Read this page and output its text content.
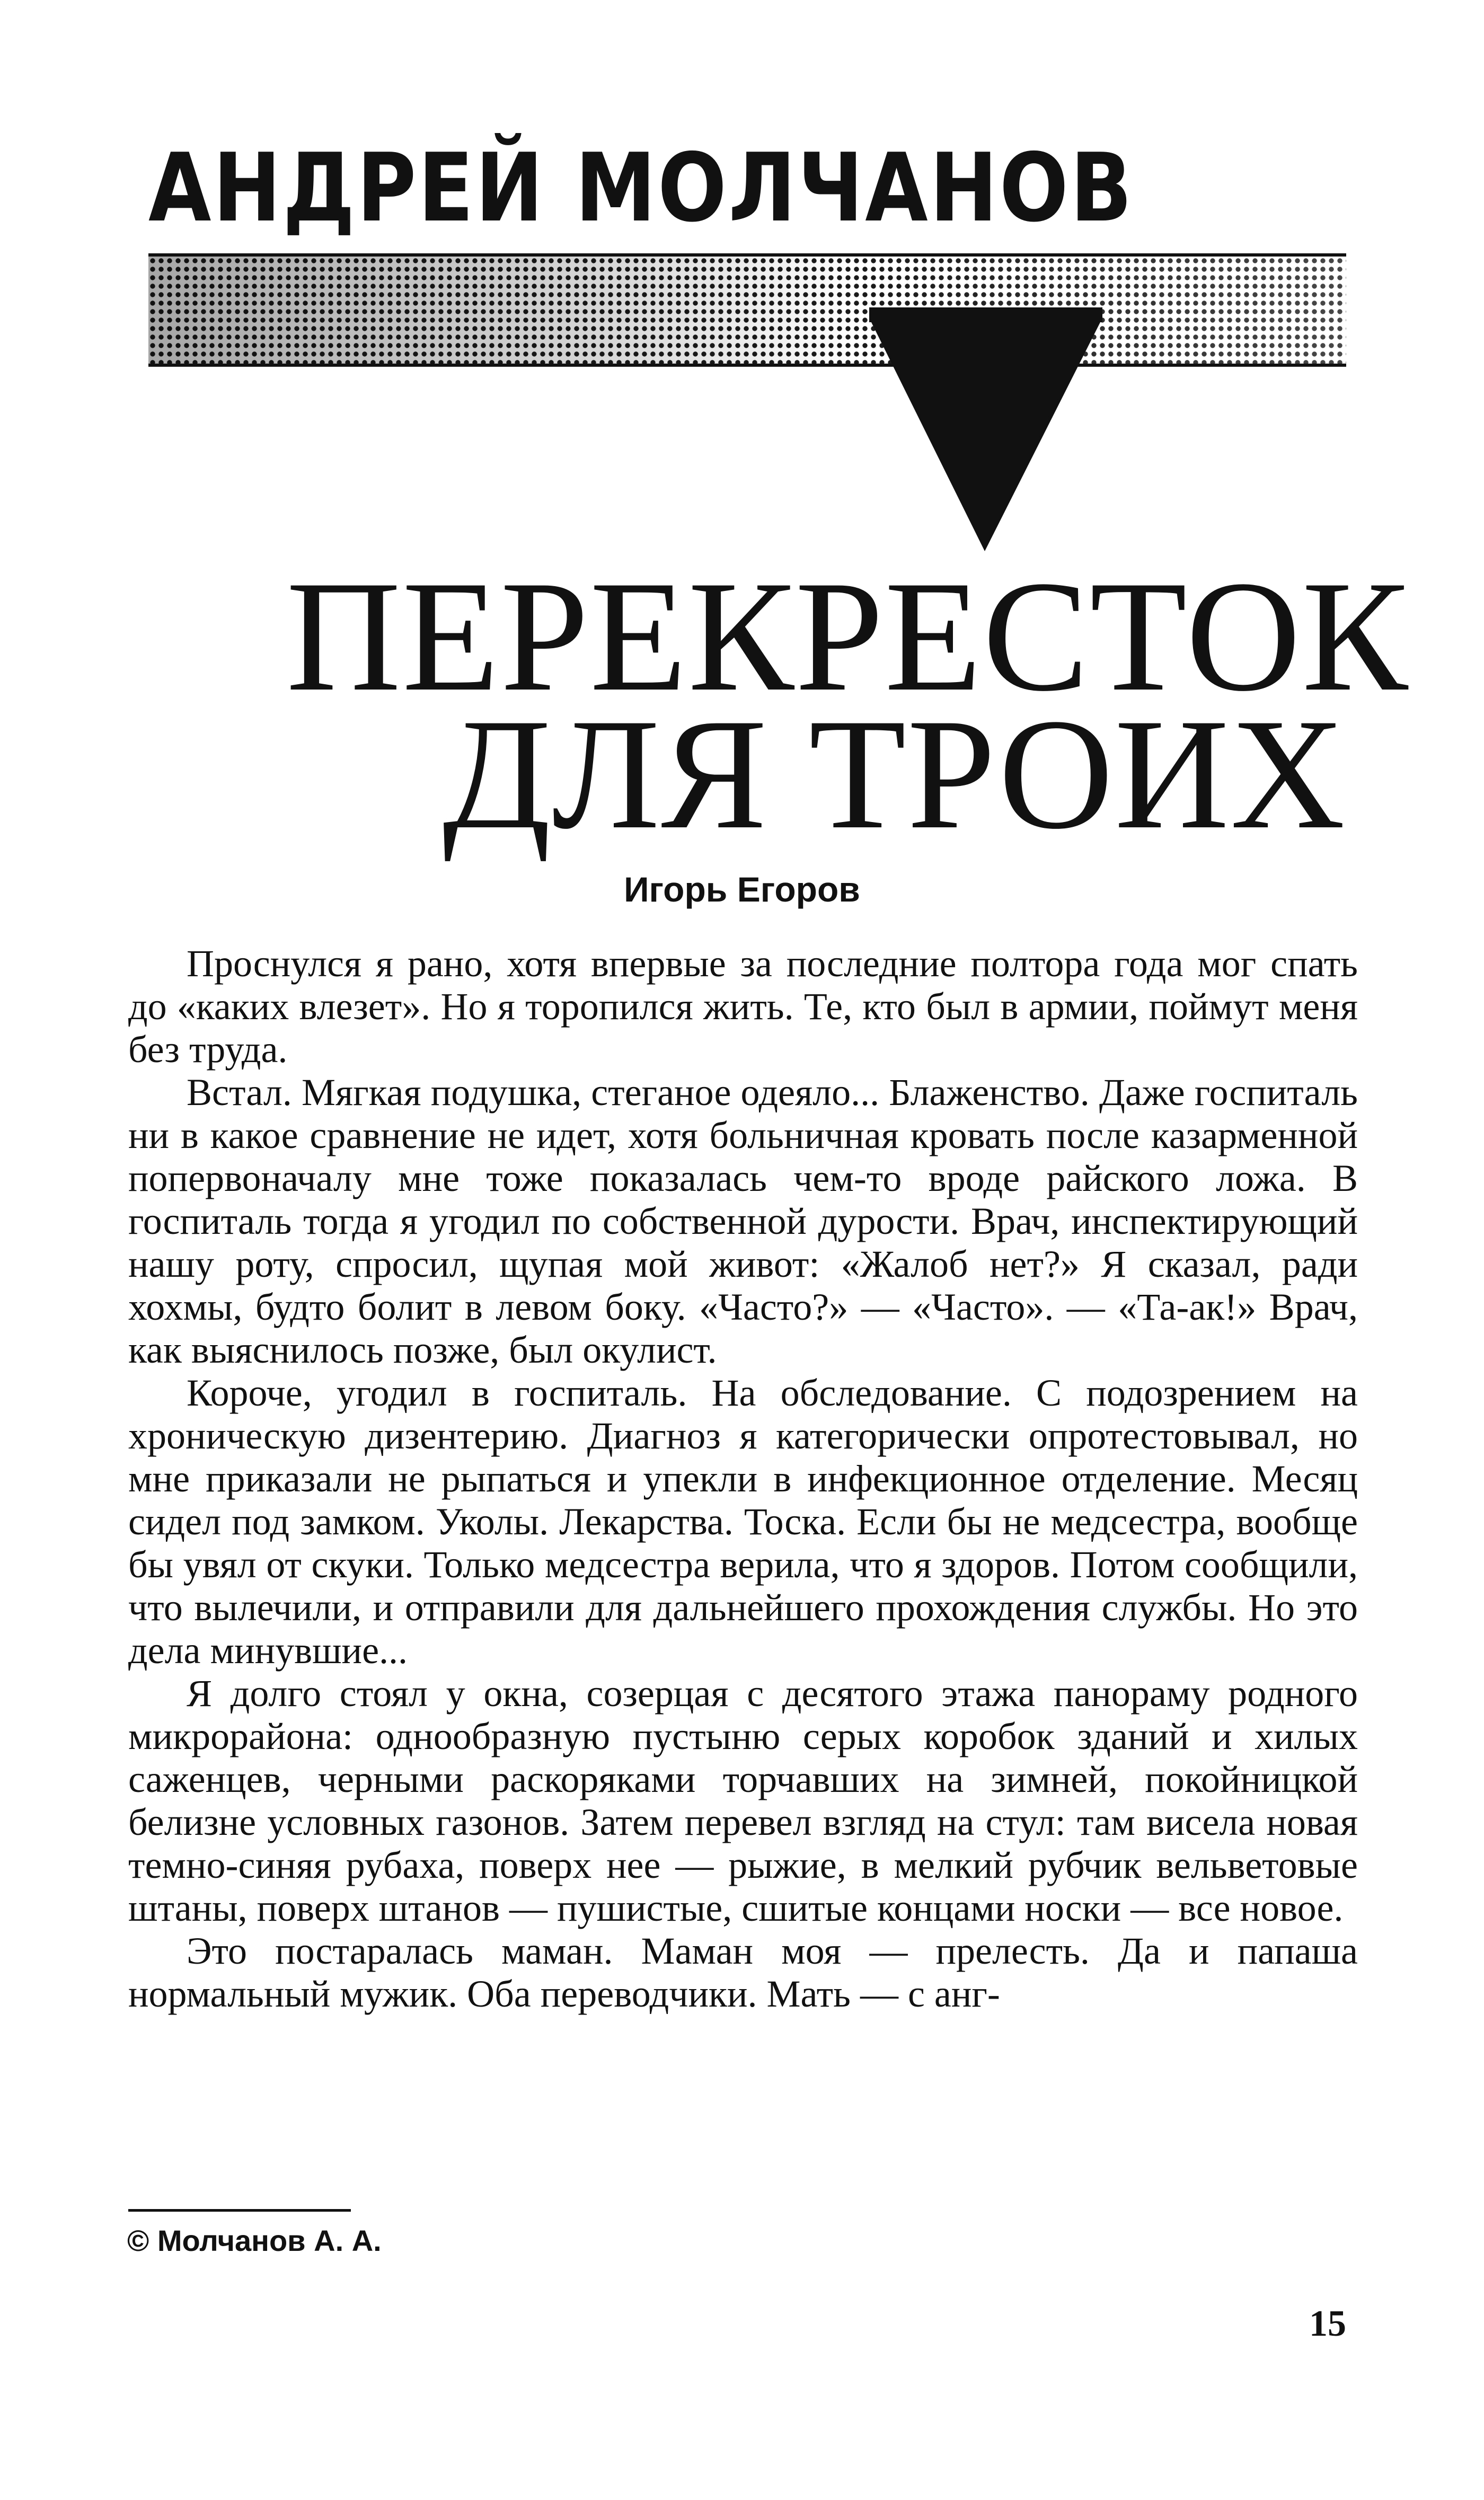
АНДРЕЙ МОЛЧАНОВ
ПЕРЕКРЕСТОК
ДЛЯ ТРОИХ
Игорь Егоров

Проснулся я рано, хотя впервые за последние полтора года мог спать до «каких влезет». Но я торопился жить. Те, кто был в армии, поймут меня без труда.

Встал. Мягкая подушка, стеганое одеяло... Блаженство. Даже госпиталь ни в какое сравнение не идет, хотя больничная кровать после казарменной попервоначалу мне тоже показалась чем-то вроде райского ложа. В госпиталь тогда я угодил по собственной дурости. Врач, инспектирующий нашу роту, спросил, щупая мой живот: «Жалоб нет?» Я сказал, ради хохмы, будто болит в левом боку. «Часто?» — «Часто». — «Та-ак!» Врач, как выяснилось позже, был окулист.

Короче, угодил в госпиталь. На обследование. С подозрением на хроническую дизентерию. Диагноз я категорически опротестовывал, но мне приказали не рыпаться и упекли в инфекционное отделение. Месяц сидел под замком. Уколы. Лекарства. Тоска. Если бы не медсестра, вообще бы увял от скуки. Только медсестра верила, что я здоров. Потом сообщили, что вылечили, и отправили для дальнейшего прохождения службы. Но это дела минувшие...

Я долго стоял у окна, созерцая с десятого этажа панораму родного микрорайона: однообразную пустыню серых коробок зданий и хилых саженцев, черными раскоряками торчавших на зимней, покойницкой белизне условных газонов. Затем перевел взгляд на стул: там висела новая темно-синяя рубаха, поверх нее — рыжие, в мелкий рубчик вельветовые штаны, поверх штанов — пушистые, сшитые концами носки — все новое.

Это постаралась маман. Маман моя — прелесть. Да и папаша нормальный мужик. Оба переводчики. Мать — с анг-

© Молчанов А. А.
15
